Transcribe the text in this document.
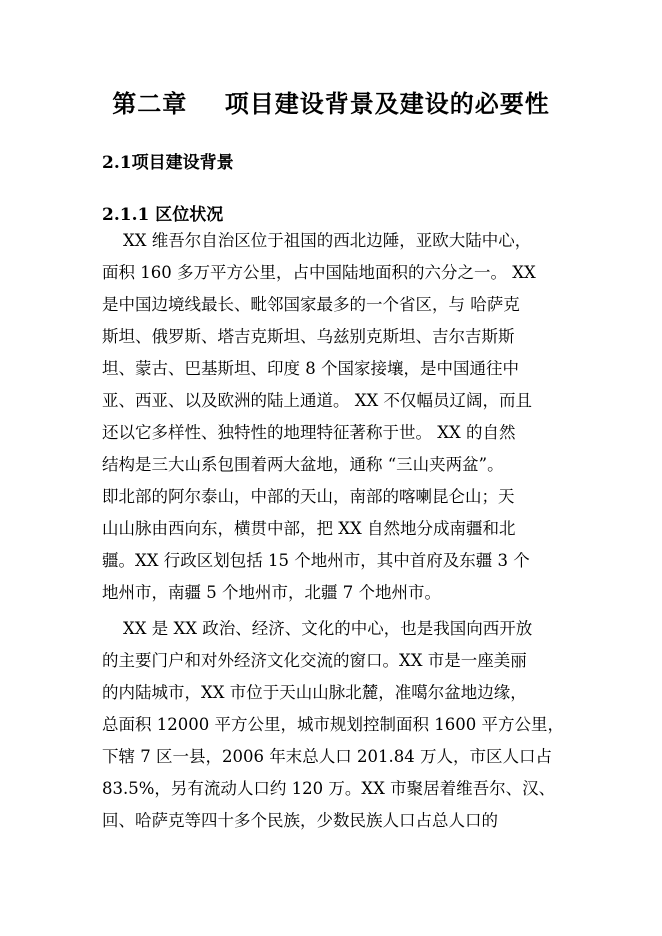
第二章    项目建设背景及建设的必要性
2.1项目建设背景
2.1.1 区位状况

XX 维吾尔自治区位于祖国的西北边陲，亚欧大陆中心，

面积 160 多万平方公里，占中国陆地面积的六分之一。 XX

是中国边境线最长、毗邻国家最多的一个省区，与 哈萨克

斯坦、俄罗斯、塔吉克斯坦、乌兹别克斯坦、吉尔吉斯斯

坦、蒙古、巴基斯坦、印度 8 个国家接壤，是中国通往中

亚、西亚、以及欧洲的陆上通道。 XX 不仅幅员辽阔，而且

还以它多样性、独特性的地理特征著称于世。 XX 的自然

结构是三大山系包围着两大盆地，通称 “三山夹两盆”。

即北部的阿尔泰山，中部的天山，南部的喀喇昆仑山；天

山山脉由西向东，横贯中部，把 XX 自然地分成南疆和北

疆。XX 行政区划包括 15 个地州市，其中首府及东疆 3 个

地州市，南疆 5 个地州市，北疆 7 个地州市。

XX 是 XX 政治、经济、文化的中心，也是我国向西开放

的主要门户和对外经济文化交流的窗口。XX 市是一座美丽

的内陆城市，XX 市位于天山山脉北麓，准噶尔盆地边缘，

总面积 12000 平方公里，城市规划控制面积 1600 平方公里，

下辖 7 区一县，2006 年末总人口 201.84 万人，市区人口占

83.5%，另有流动人口约 120 万。XX 市聚居着维吾尔、汉、

回、哈萨克等四十多个民族，少数民族人口占总人口的
